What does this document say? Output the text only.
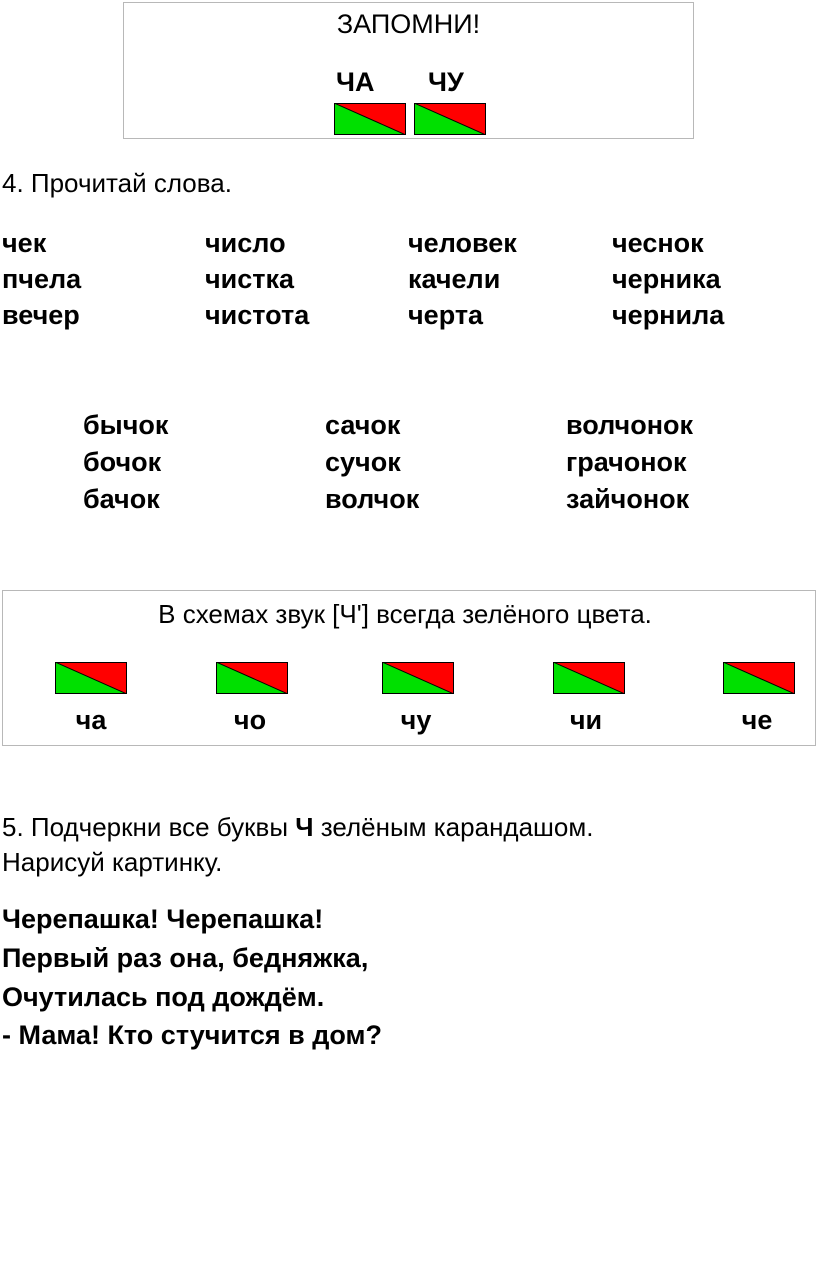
ЗАПОМНИ!
ЧА ЧУ
4. Прочитай слова.
чек	число	человек	чеснок
пчела	чистка	качели	черника
вечер	чистота	черта	чернила
бычок	сачок	волчонок
бочок	сучок	грачонок
бачок	волчок	зайчонок
В схемах звук [Ч'] всегда зелёного цвета.
ча	чо	чу	чи	че
5. Подчеркни все буквы Ч зелёным карандашом.
Нарисуй картинку.
Черепашка! Черепашка!
Первый раз она, бедняжка,
Очутилась под дождём.
- Мама! Кто стучится в дом?
